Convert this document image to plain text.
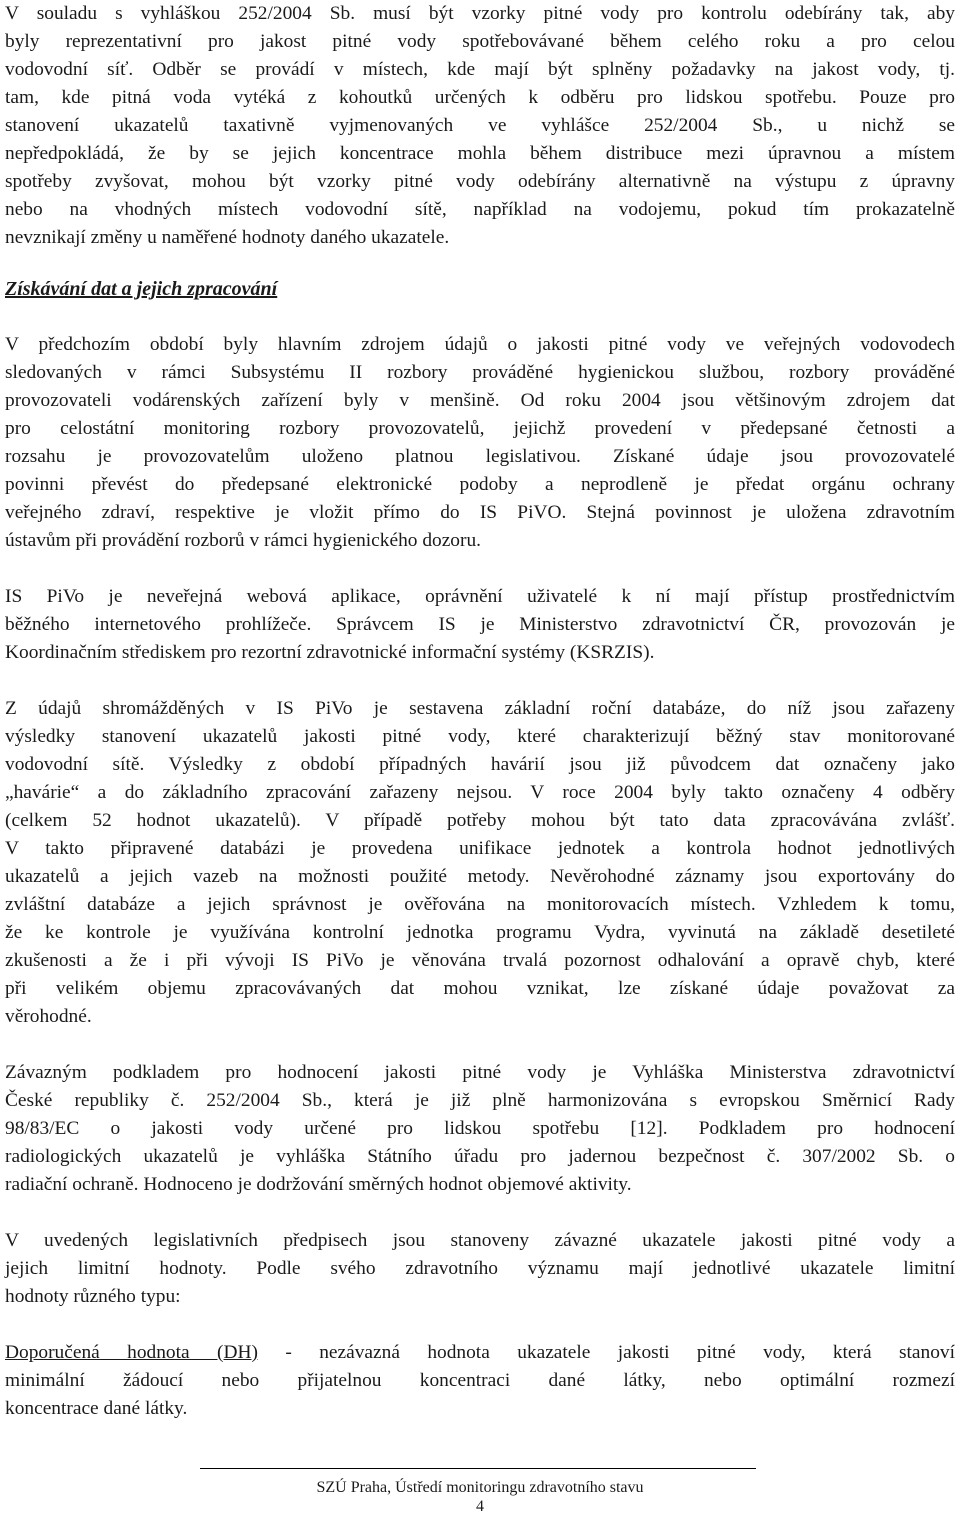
V souladu s vyhláškou 252/2004 Sb. musí být vzorky pitné vody pro kontrolu odebírány tak, aby
byly reprezentativní pro jakost pitné vody spotřebovávané během celého roku a pro celou
vodovodní síť. Odběr se provádí v místech, kde mají být splněny požadavky na jakost vody, tj.
tam, kde pitná voda vytéká z kohoutků určených k odběru pro lidskou spotřebu. Pouze pro
stanovení ukazatelů taxativně vyjmenovaných ve vyhlášce 252/2004 Sb., u nichž se
nepředpokládá, že by se jejich koncentrace mohla během distribuce mezi úpravnou a místem
spotřeby zvyšovat, mohou být vzorky pitné vody odebírány alternativně na výstupu z úpravny
nebo na vhodných místech vodovodní sítě, například na vodojemu, pokud tím prokazatelně
nevznikají změny u naměřené hodnoty daného ukazatele.
Získávání dat a jejich zpracování
V předchozím období byly hlavním zdrojem údajů o jakosti pitné vody ve veřejných vodovodech
sledovaných v rámci Subsystému II rozbory prováděné hygienickou službou, rozbory prováděné
provozovateli vodárenských zařízení byly v menšině. Od roku 2004 jsou většinovým zdrojem dat
pro celostátní monitoring rozbory provozovatelů, jejichž provedení v předepsané četnosti a
rozsahu je provozovatelům uloženo platnou legislativou. Získané údaje jsou provozovatelé
povinni převést do předepsané elektronické podoby a neprodleně je předat orgánu ochrany
veřejného zdraví, respektive je vložit přímo do IS PiVO. Stejná povinnost je uložena zdravotním
ústavům při provádění rozborů v rámci hygienického dozoru.
IS PiVo je neveřejná webová aplikace, oprávnění uživatelé k ní mají přístup prostřednictvím
běžného internetového prohlížeče. Správcem IS je Ministerstvo zdravotnictví ČR, provozován je
Koordinačním střediskem pro rezortní zdravotnické informační systémy (KSRZIS).
Z údajů shromážděných v IS PiVo je sestavena základní roční databáze, do níž jsou zařazeny
výsledky stanovení ukazatelů jakosti pitné vody, které charakterizují běžný stav monitorované
vodovodní sítě. Výsledky z období případných havárií jsou již původcem dat označeny jako
„havárie“ a do základního zpracování zařazeny nejsou. V roce 2004 byly takto označeny 4 odběry
(celkem 52 hodnot ukazatelů). V případě potřeby mohou být tato data zpracovávána zvlášť.
V takto připravené databázi je provedena unifikace jednotek a kontrola hodnot jednotlivých
ukazatelů a jejich vazeb na možnosti použité metody. Nevěrohodné záznamy jsou exportovány do
zvláštní databáze a jejich správnost je ověřována na monitorovacích místech. Vzhledem k tomu,
že ke kontrole je využívána kontrolní jednotka programu Vydra, vyvinutá na základě desetileté
zkušenosti a že i při vývoji IS PiVo je věnována trvalá pozornost odhalování a opravě chyb, které
při velikém objemu zpracovávaných dat mohou vznikat, lze získané údaje považovat za
věrohodné.
Závazným podkladem pro hodnocení jakosti pitné vody je Vyhláška Ministerstva zdravotnictví
České republiky č. 252/2004 Sb., která je již plně harmonizována s evropskou Směrnicí Rady
98/83/EC o jakosti vody určené pro lidskou spotřebu [12]. Podkladem pro hodnocení
radiologických ukazatelů je vyhláška Státního úřadu pro jadernou bezpečnost č. 307/2002 Sb. o
radiační ochraně. Hodnoceno je dodržování směrných hodnot objemové aktivity.
V uvedených legislativních předpisech jsou stanoveny závazné ukazatele jakosti pitné vody a
jejich limitní hodnoty. Podle svého zdravotního významu mají jednotlivé ukazatele limitní
hodnoty různého typu:
Doporučená hodnota (DH) - nezávazná hodnota ukazatele jakosti pitné vody, která stanoví
minimální žádoucí nebo přijatelnou koncentraci dané látky, nebo optimální rozmezí
koncentrace dané látky.
SZÚ Praha, Ústředí monitoringu zdravotního stavu
4
